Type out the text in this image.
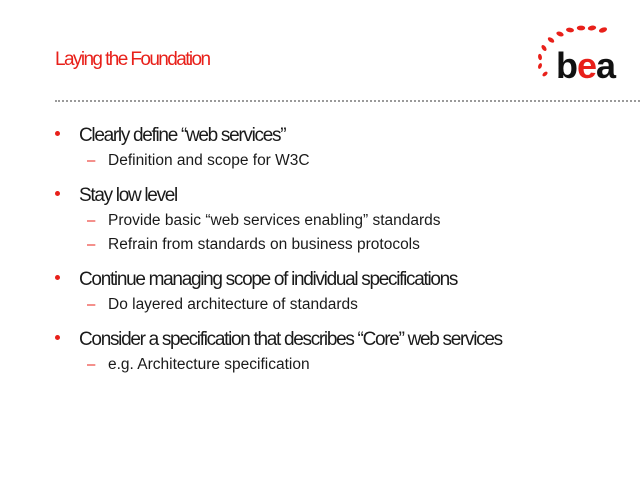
Laying the Foundation	bea
Clearly define “web services”
– Definition and scope for W3C
Stay low level
– Provide basic “web services enabling” standards
– Refrain from standards on business protocols
Continue managing scope of individual specifications
– Do layered architecture of standards
Consider a specification that describes “Core” web services
– e.g. Architecture specification
